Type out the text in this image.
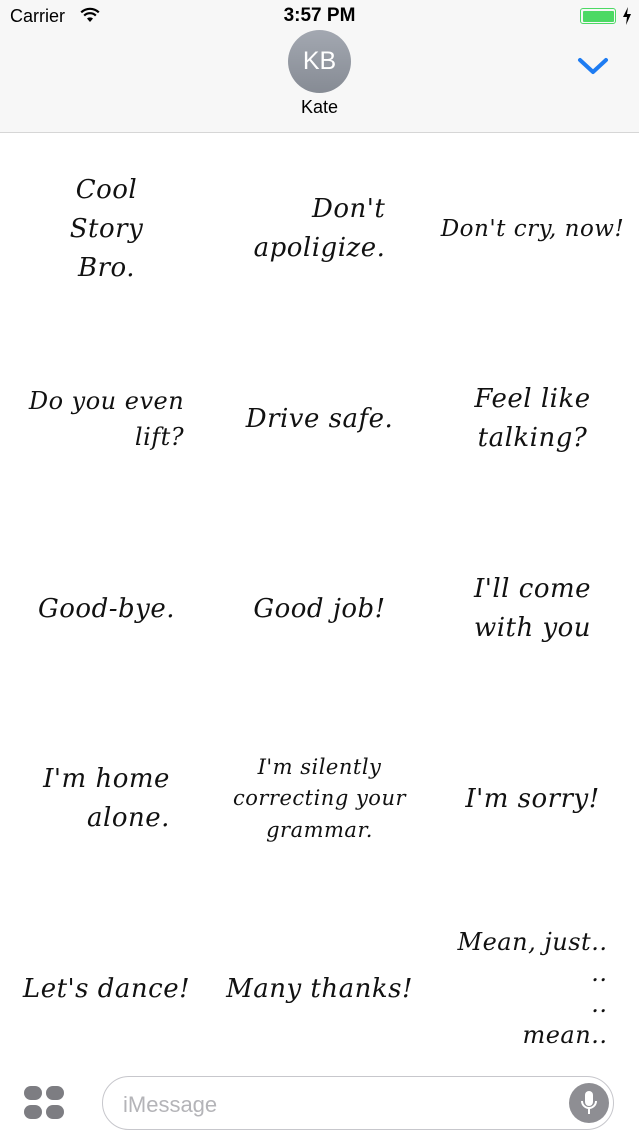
Carrier	3:57 PM
KB
Kate
Cool
Story
Bro.
Don't
apoligize.
Don't cry, now!
Do you even
lift?
Drive safe.
Feel like
talking?
Good-bye.	Good job!
I'll come
with you
I'm home
alone.
I'm silently
correcting your
grammar.
I'm sorry!
Let's dance! Many thanks!
Mean, just..
..
..
mean..
iMessage
